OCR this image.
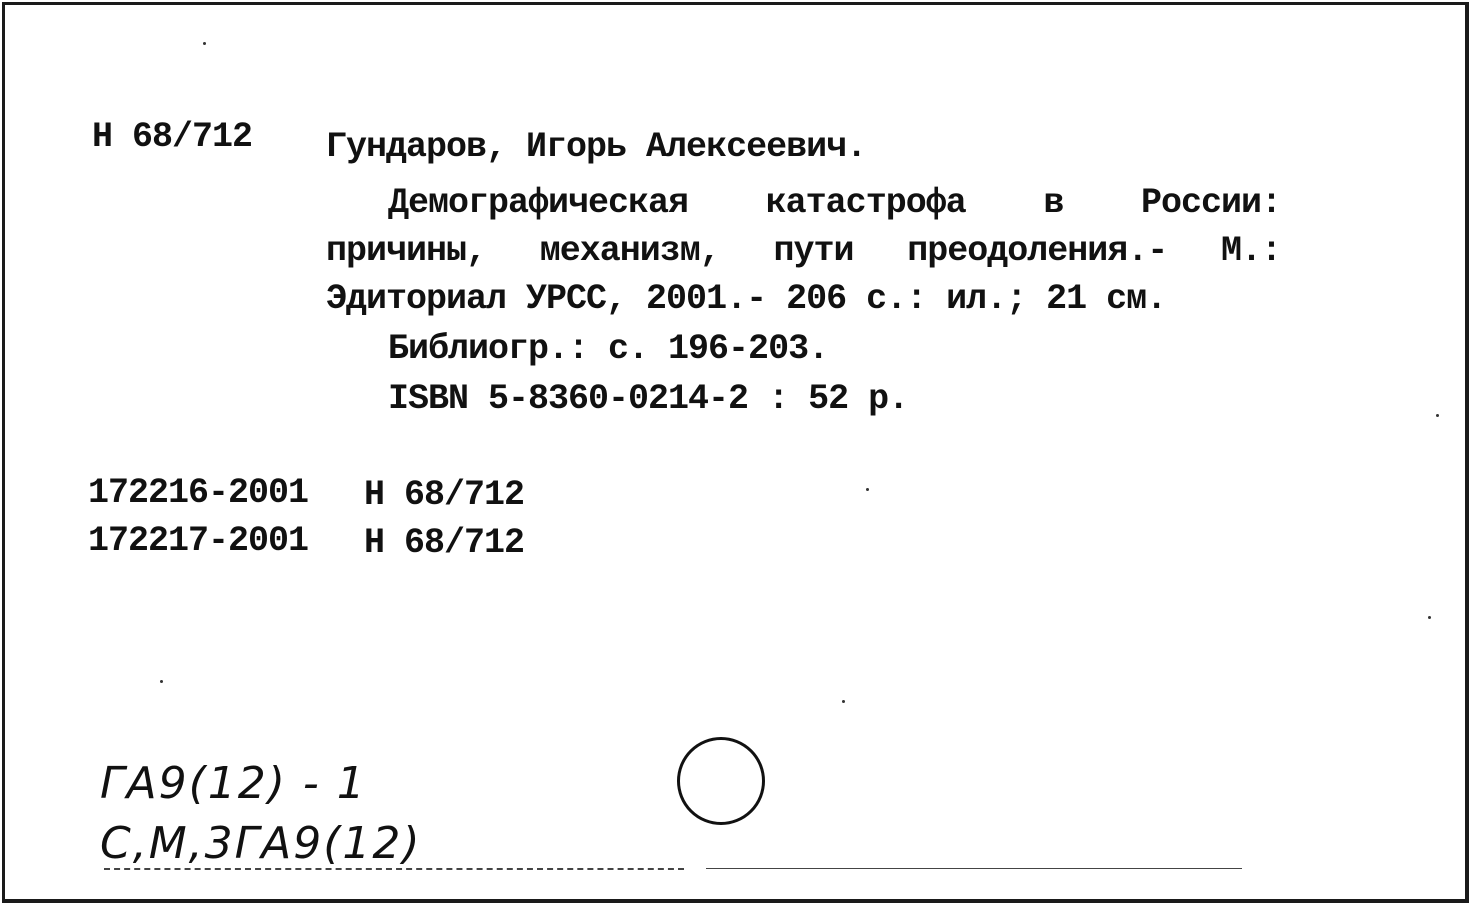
Н 68/712 Гундаров, Игорь Алексеевич.
Демографическая катастрофа в России:
причины, механизм, пути преодоления.- М.:
Эдиториал УРСС, 2001.- 206 с.: ил.; 21 см.
Библиогр.: с. 196-203.
ISBN 5-8360-0214-2 : 52 р.
172216-2001 Н 68/712
172217-2001 Н 68/712
ГА9(12) - 1
С,М,3ГА9(12)
